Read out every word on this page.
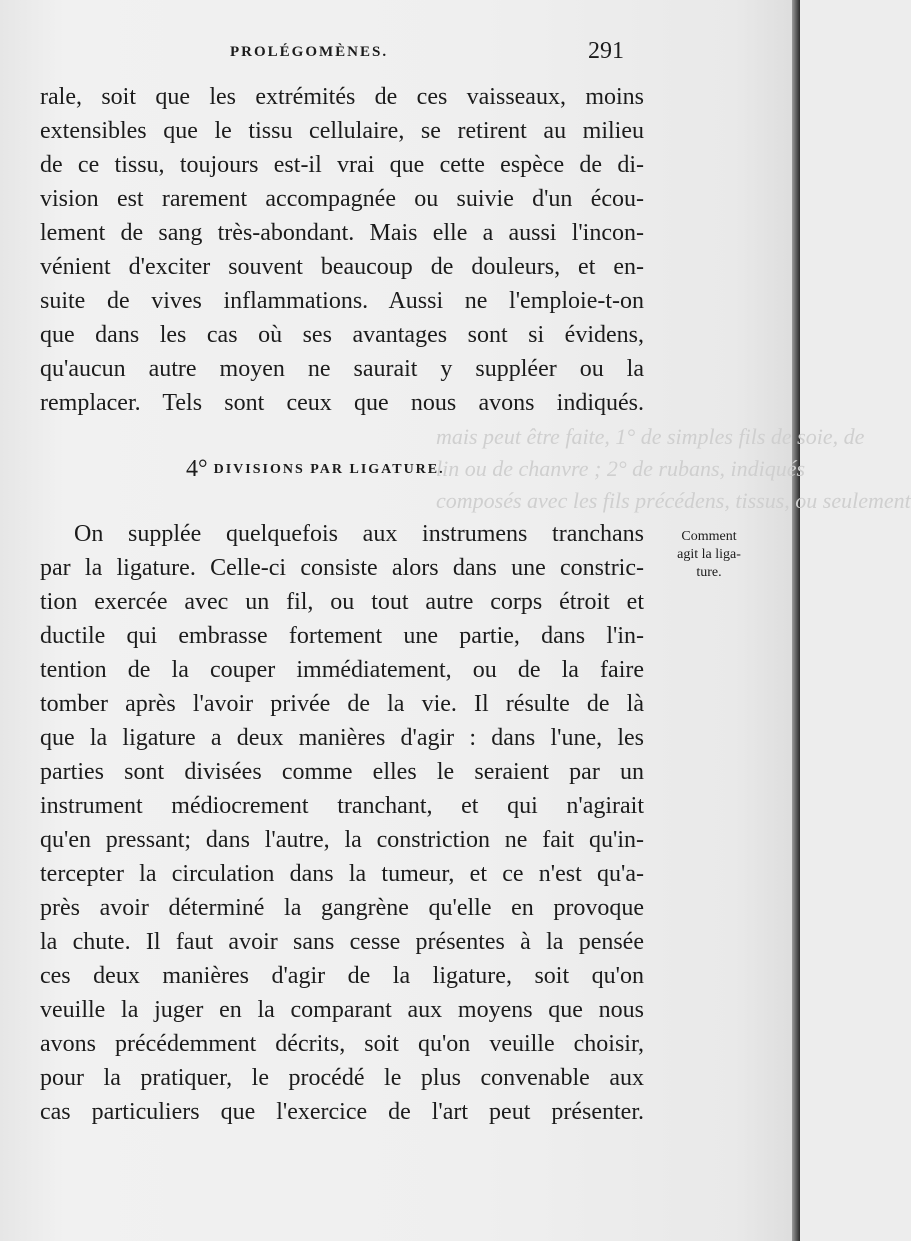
mais peut être faite, 1° de simples fils de soie, de
lin ou de chanvre ; 2° de rubans, indiqués
composés avec les fils précédens, tissus, ou seulement
PROLÉGOMÈNES.	291
rale, soit que les extrémités de ces vaisseaux, moins
extensibles que le tissu cellulaire, se retirent au milieu
de ce tissu, toujours est-il vrai que cette espèce de di-
vision est rarement accompagnée ou suivie d'un écou-
lement de sang très-abondant. Mais elle a aussi l'incon-
vénient d'exciter souvent beaucoup de douleurs, et en-
suite de vives inflammations. Aussi ne l'emploie-t-on
que dans les cas où ses avantages sont si évidens,
qu'aucun autre moyen ne saurait y suppléer ou la
remplacer. Tels sont ceux que nous avons indiqués.
4° DIVISIONS PAR LIGATURE.
On supplée quelquefois aux instrumens tranchans
par la ligature. Celle-ci consiste alors dans une constric-
tion exercée avec un fil, ou tout autre corps étroit et
ductile qui embrasse fortement une partie, dans l'in-
tention de la couper immédiatement, ou de la faire
tomber après l'avoir privée de la vie. Il résulte de là
que la ligature a deux manières d'agir : dans l'une, les
parties sont divisées comme elles le seraient par un
instrument médiocrement tranchant, et qui n'agirait
qu'en pressant; dans l'autre, la constriction ne fait qu'in-
tercepter la circulation dans la tumeur, et ce n'est qu'a-
près avoir déterminé la gangrène qu'elle en provoque
la chute. Il faut avoir sans cesse présentes à la pensée
ces deux manières d'agir de la ligature, soit qu'on
veuille la juger en la comparant aux moyens que nous
avons précédemment décrits, soit qu'on veuille choisir,
pour la pratiquer, le procédé le plus convenable aux
cas particuliers que l'exercice de l'art peut présenter.
Comment
agit la liga-
ture.
